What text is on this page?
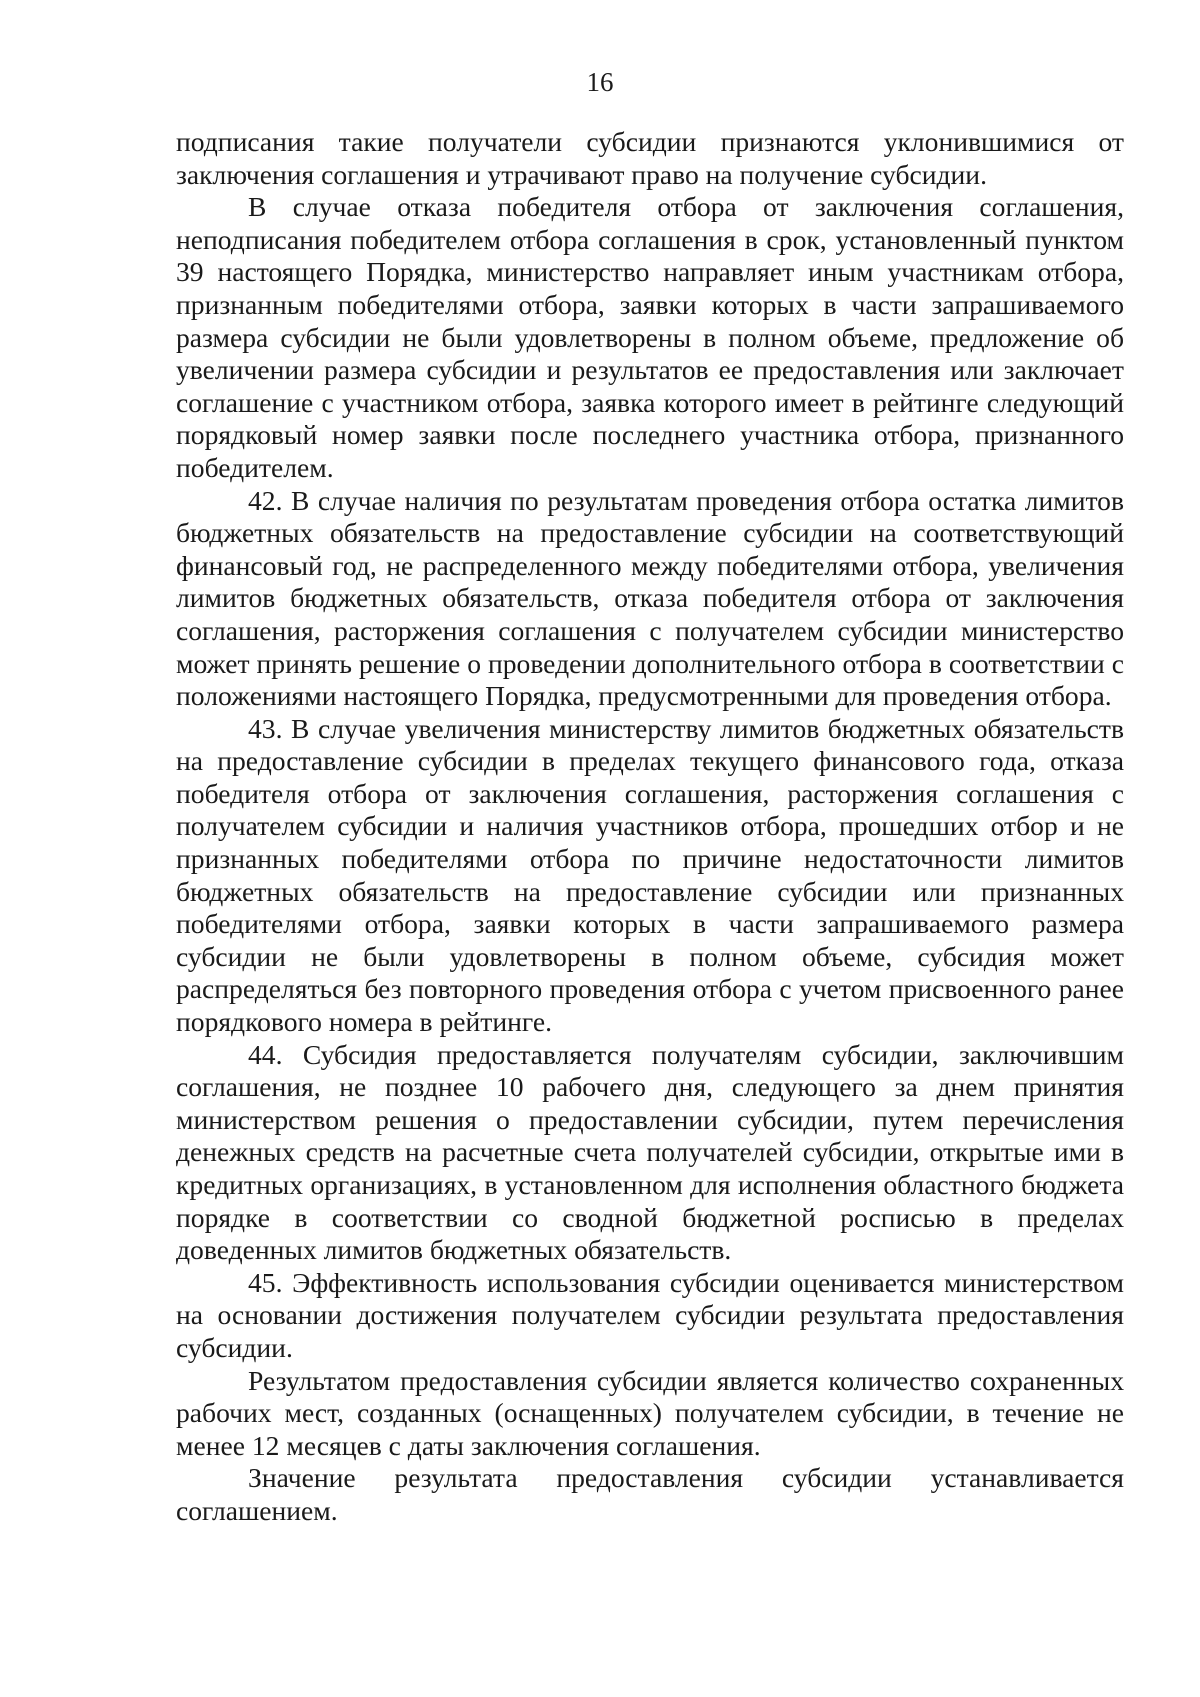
16

подписания такие получатели субсидии признаются уклонившимися от заключения соглашения и утрачивают право на получение субсидии.

В случае отказа победителя отбора от заключения соглашения, неподписания победителем отбора соглашения в срок, установленный пунктом 39 настоящего Порядка, министерство направляет иным участникам отбора, признанным победителями отбора, заявки которых в части запрашиваемого размера субсидии не были удовлетворены в полном объеме, предложение об увеличении размера субсидии и результатов ее предоставления или заключает соглашение с участником отбора, заявка которого имеет в рейтинге следующий порядковый номер заявки после последнего участника отбора, признанного победителем.

42. В случае наличия по результатам проведения отбора остатка лимитов бюджетных обязательств на предоставление субсидии на соответствующий финансовый год, не распределенного между победителями отбора, увеличения лимитов бюджетных обязательств, отказа победителя отбора от заключения соглашения, расторжения соглашения с получателем субсидии министерство может принять решение о проведении дополнительного отбора в соответствии с положениями настоящего Порядка, предусмотренными для проведения отбора.

43. В случае увеличения министерству лимитов бюджетных обязательств на предоставление субсидии в пределах текущего финансового года, отказа победителя отбора от заключения соглашения, расторжения соглашения с получателем субсидии и наличия участников отбора, прошедших отбор и не признанных победителями отбора по причине недостаточности лимитов бюджетных обязательств на предоставление субсидии или признанных победителями отбора, заявки которых в части запрашиваемого размера субсидии не были удовлетворены в полном объеме, субсидия может распределяться без повторного проведения отбора с учетом присвоенного ранее порядкового номера в рейтинге.

44. Субсидия предоставляется получателям субсидии, заключившим соглашения, не позднее 10 рабочего дня, следующего за днем принятия министерством решения о предоставлении субсидии, путем перечисления денежных средств на расчетные счета получателей субсидии, открытые ими в кредитных организациях, в установленном для исполнения областного бюджета порядке в соответствии со сводной бюджетной росписью в пределах доведенных лимитов бюджетных обязательств.

45. Эффективность использования субсидии оценивается министерством на основании достижения получателем субсидии результата предоставления субсидии.

Результатом предоставления субсидии является количество сохраненных рабочих мест, созданных (оснащенных) получателем субсидии, в течение не менее 12 месяцев с даты заключения соглашения.

Значение результата предоставления субсидии устанавливается соглашением.
